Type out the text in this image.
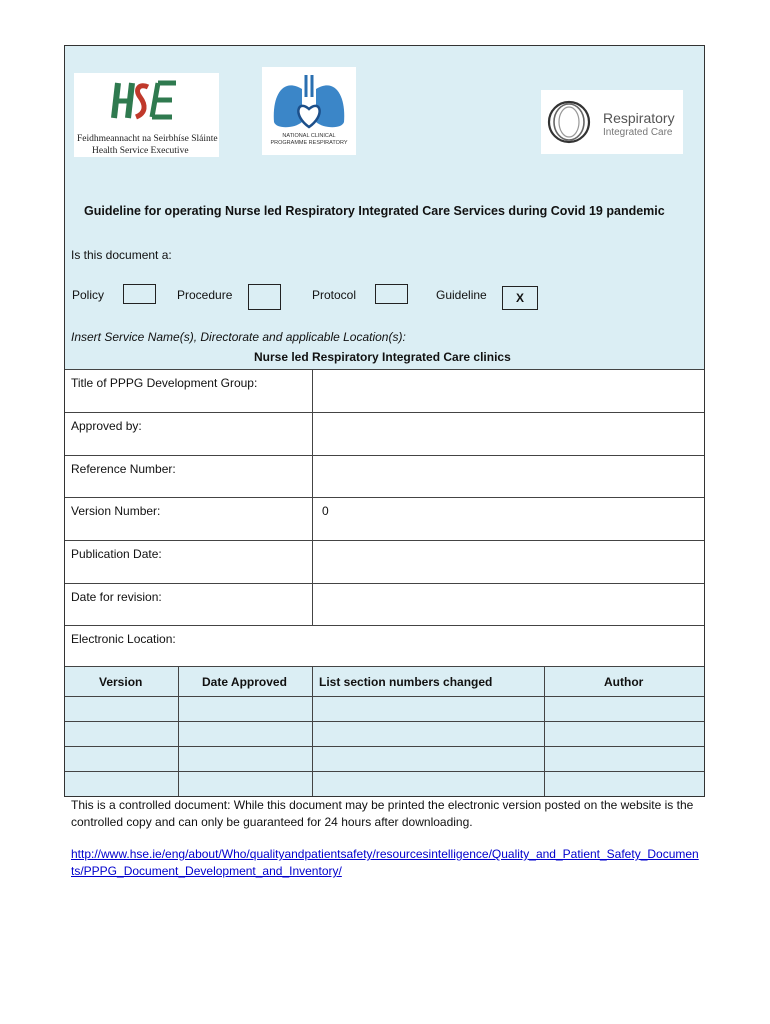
Feidhmeannacht na Seirbhíse Sláinte
Health Service Executive
NATIONAL CLINICAL
PROGRAMME RESPIRATORY
Respiratory
Integrated Care
Guideline for operating Nurse led Respiratory Integrated Care Services during Covid 19 pandemic
Is this document a:
Policy	Procedure	Protocol	Guideline	X
Insert Service Name(s), Directorate and applicable Location(s):
Nurse led Respiratory Integrated Care clinics
Title of PPPG Development Group:
Approved by:
Reference Number:
Version Number:	0
Publication Date:
Date for revision:
Electronic Location:
Version	Date Approved	List section numbers changed	Author
This is a controlled document: While this document may be printed the electronic version posted on the website is the controlled copy and can only be guaranteed for 24 hours after downloading.
http://www.hse.ie/eng/about/Who/qualityandpatientsafety/resourcesintelligence/Quality_and_Patient_Safety_Documents/PPPG_Document_Development_and_Inventory/
